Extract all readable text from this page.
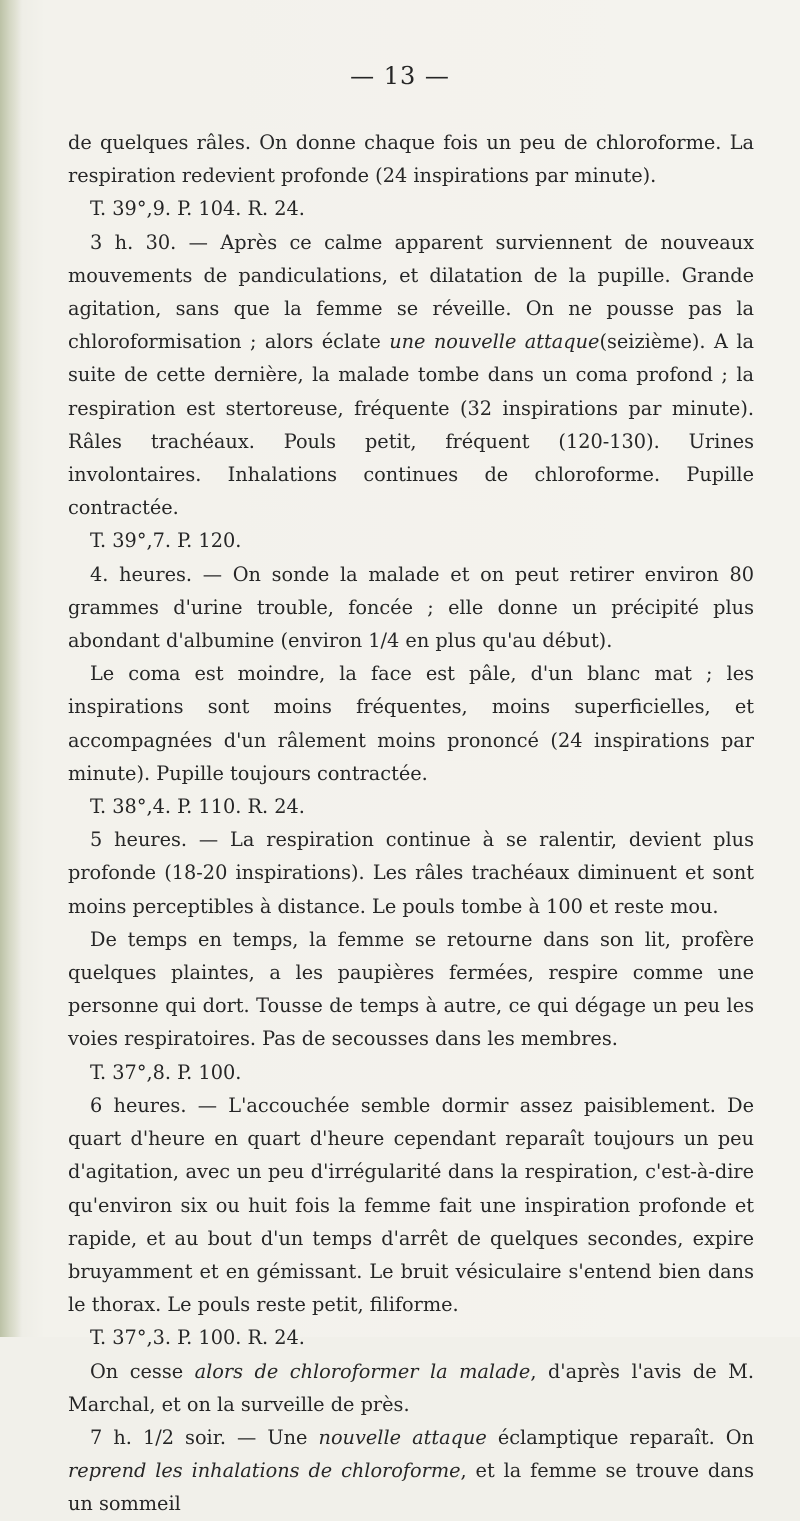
— 13 —

de quelques râles. On donne chaque fois un peu de chloroforme. La respiration redevient profonde (24 inspirations par minute).

T. 39°,9. P. 104. R. 24.

3 h. 30. — Après ce calme apparent surviennent de nouveaux mouvements de pandiculations, et dilatation de la pupille. Grande agitation, sans que la femme se réveille. On ne pousse pas la chloroformisation ; alors éclate une nouvelle attaque(seizième). A la suite de cette dernière, la malade tombe dans un coma profond ; la respiration est stertoreuse, fréquente (32 inspirations par minute). Râles trachéaux. Pouls petit, fréquent (120-130). Urines involontaires. Inhalations continues de chloroforme. Pupille contractée.

T. 39°,7. P. 120.

4. heures. — On sonde la malade et on peut retirer environ 80 grammes d'urine trouble, foncée ; elle donne un précipité plus abondant d'albumine (environ 1/4 en plus qu'au début).

Le coma est moindre, la face est pâle, d'un blanc mat ; les inspirations sont moins fréquentes, moins superficielles, et accompagnées d'un râlement moins prononcé (24 inspirations par minute). Pupille toujours contractée.

T. 38°,4. P. 110. R. 24.

5 heures. — La respiration continue à se ralentir, devient plus profonde (18-20 inspirations). Les râles trachéaux diminuent et sont moins perceptibles à distance. Le pouls tombe à 100 et reste mou.

De temps en temps, la femme se retourne dans son lit, profère quelques plaintes, a les paupières fermées, respire comme une personne qui dort. Tousse de temps à autre, ce qui dégage un peu les voies respiratoires. Pas de secousses dans les membres.

T. 37°,8. P. 100.

6 heures. — L'accouchée semble dormir assez paisiblement. De quart d'heure en quart d'heure cependant reparaît toujours un peu d'agitation, avec un peu d'irrégularité dans la respiration, c'est-à-dire qu'environ six ou huit fois la femme fait une inspiration profonde et rapide, et au bout d'un temps d'arrêt de quelques secondes, expire bruyamment et en gémissant. Le bruit vésiculaire s'entend bien dans le thorax. Le pouls reste petit, filiforme.

T. 37°,3. P. 100. R. 24.

On cesse alors de chloroformer la malade, d'après l'avis de M. Marchal, et on la surveille de près.

7 h. 1/2 soir. — Une nouvelle attaque éclamptique reparaît. On reprend les inhalations de chloroforme, et la femme se trouve dans un sommeil
